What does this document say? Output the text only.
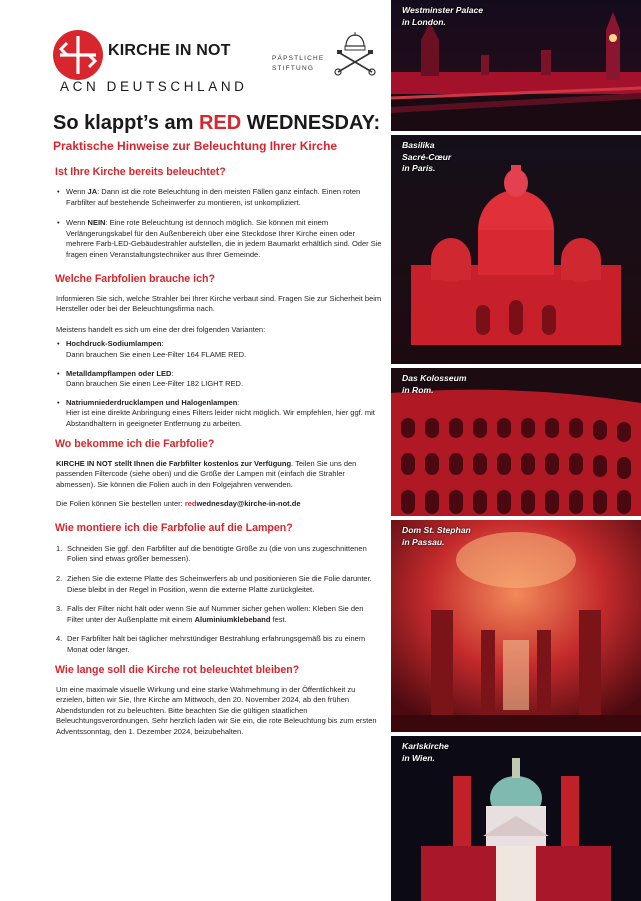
KIRCHE IN NOT
ACN DEUTSCHLAND
PÄPSTLICHE
STIFTUNG
So klappt’s am RED WEDNESDAY:
Praktische Hinweise zur Beleuchtung Ihrer Kirche
Ist Ihre Kirche bereits beleuchtet?
• Wenn JA: Dann ist die rote Beleuchtung in den meisten Fällen ganz einfach. Einen roten Farbfilter auf bestehende Scheinwerfer zu montieren, ist unkompliziert.
• Wenn NEIN: Eine rote Beleuchtung ist dennoch möglich. Sie können mit einem Verlängerungskabel für den Außenbereich über eine Steckdose Ihrer Kirche einen oder mehrere Farb-LED-Gebäudestrahler aufstellen, die in jedem Baumarkt erhältlich sind. Oder Sie fragen einen Veranstaltungstechniker aus Ihrer Gemeinde.
Welche Farbfolien brauche ich?

Informieren Sie sich, welche Strahler bei Ihrer Kirche verbaut sind. Fragen Sie zur Sicherheit beim Hersteller oder bei der Beleuchtungsfirma nach.

Meistens handelt es sich um eine der drei folgenden Varianten:

• Hochdruck-Sodiumlampen:
Dann brauchen Sie einen Lee-Filter 164 FLAME RED.
• Metalldampflampen oder LED:
Dann brauchen Sie einen Lee-Filter 182 LIGHT RED.
• Natriumniederdrucklampen und Halogenlampen:
Hier ist eine direkte Anbringung eines Filters leider nicht möglich. Wir empfehlen, hier ggf. mit Abstandhaltern in geeigneter Entfernung zu arbeiten.
Wo bekomme ich die Farbfolie?

KIRCHE IN NOT stellt Ihnen die Farbfilter kostenlos zur Verfügung. Teilen Sie uns den passenden Filtercode (siehe oben) und die Größe der Lampen mit (einfach die Strahler abmessen). Sie können die Folien auch in den Folgejahren verwenden.

Die Folien können Sie bestellen unter: redwednesday@kirche-in-not.de

Wie montiere ich die Farbfolie auf die Lampen?
1. Schneiden Sie ggf. den Farbfilter auf die benötigte Größe zu (die von uns zugeschnittenen Folien sind etwas größer bemessen).
2. Ziehen Sie die externe Platte des Scheinwerfers ab und positionieren Sie die Folie darunter. Diese bleibt in der Regel in Position, wenn die externe Platte zurückgleitet.
3. Falls der Filter nicht hält oder wenn Sie auf Nummer sicher gehen wollen: Kleben Sie den Filter unter der Außenplatte mit einem Aluminiumklebeband fest.
4. Der Farbfilter hält bei täglicher mehrstündiger Bestrahlung erfahrungsgemäß bis zu einem Monat oder länger.
Wie lange soll die Kirche rot beleuchtet bleiben?

Um eine maximale visuelle Wirkung und eine starke Wahrnehmung in der Öffentlichkeit zu erzielen, bitten wir Sie, Ihre Kirche am Mittwoch, den 20. November 2024, ab den frühen Abendstunden rot zu beleuchten. Bitte beachten Sie die gültigen staatlichen Beleuchtungsverordnungen. Sehr herzlich laden wir Sie ein, die rote Beleuchtung bis zum ersten Adventssonntag, den 1. Dezember 2024, beizubehalten.

Westminster Palace
in London.
Basilika
Sacré-Cœur
in Paris.
Das Kolosseum
in Rom.
Dom St. Stephan
in Passau.
Karlskirche
in Wien.
